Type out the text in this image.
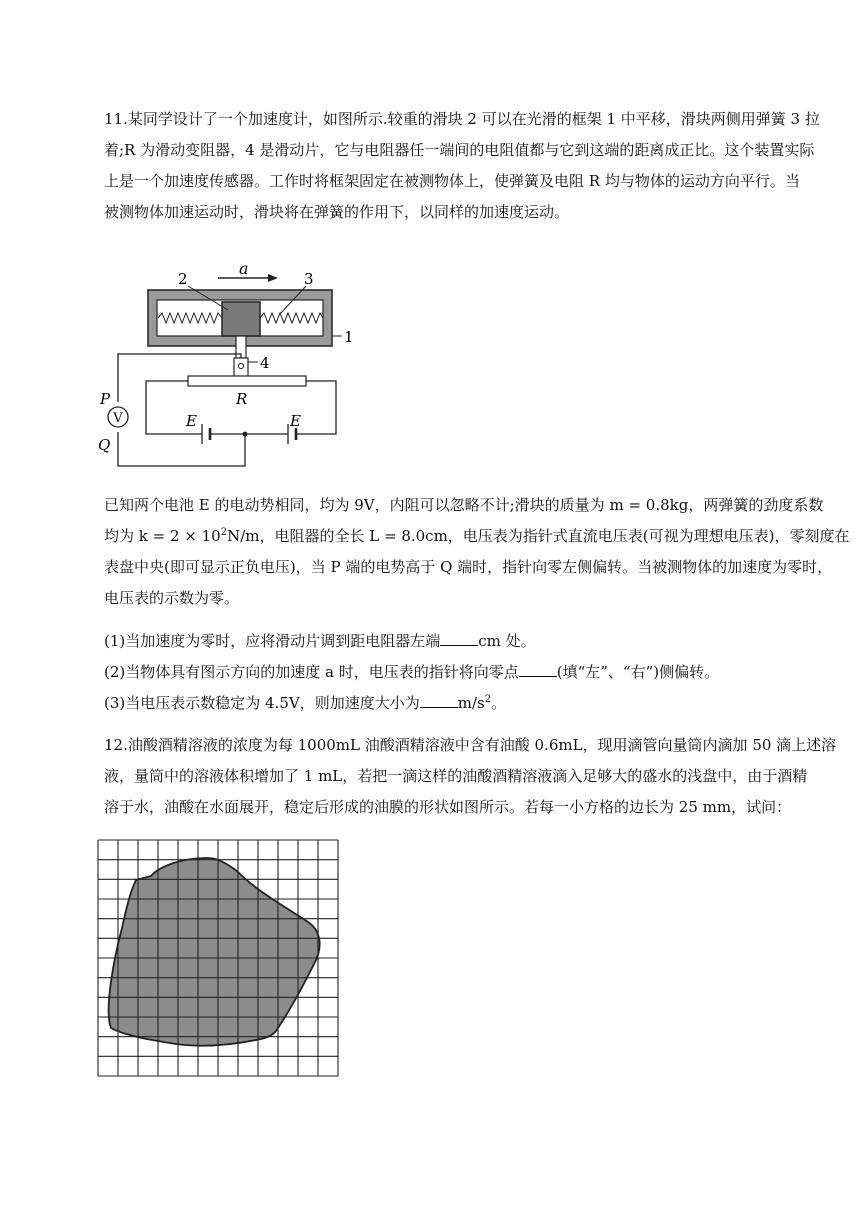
11.某同学设计了一个加速度计，如图所示.较重的滑块 2 可以在光滑的框架 1 中平移，滑块两侧用弹簧 3 拉
着;R 为滑动变阻器，4 是滑动片，它与电阻器任一端间的电阻值都与它到这端的距离成正比。这个装置实际
上是一个加速度传感器。工作时将框架固定在被测物体上，使弹簧及电阻 R 均与物体的运动方向平行。当
被测物体加速运动时，滑块将在弹簧的作用下，以同样的加速度运动。
V
a
2	3
1
4
R
P
Q
E	E
已知两个电池 E 的电动势相同，均为 9V，内阻可以忽略不计;滑块的质量为 m = 0.8kg，两弹簧的劲度系数
均为 $k = 2 \times 10^2N/m$，电阻器的全长 L = 8.0cm，电压表为指针式直流电压表(可视为理想电压表)，零刻度在
表盘中央(即可显示正负电压)，当 P 端的电势高于 Q 端时，指针向零左侧偏转。当被测物体的加速度为零时，
电压表的示数为零。
(1)当加速度为零时，应将滑动片调到距电阻器左端	cm 处。
(2)当物体具有图示方向的加速度 a 时，电压表的指针将向零点	(填“左”、“右”)侧偏转。
(3)当电压表示数稳定为 4.5V，则加速度大小为	$m/s^2$。
12.油酸酒精溶液的浓度为每 1000mL 油酸酒精溶液中含有油酸 0.6mL，现用滴管向量筒内滴加 50 滴上述溶
液，量筒中的溶液体积增加了 1 mL，若把一滴这样的油酸酒精溶液滴入足够大的盛水的浅盘中，由于酒精
溶于水，油酸在水面展开，稳定后形成的油膜的形状如图所示。若每一小方格的边长为 25 mm，试问：
